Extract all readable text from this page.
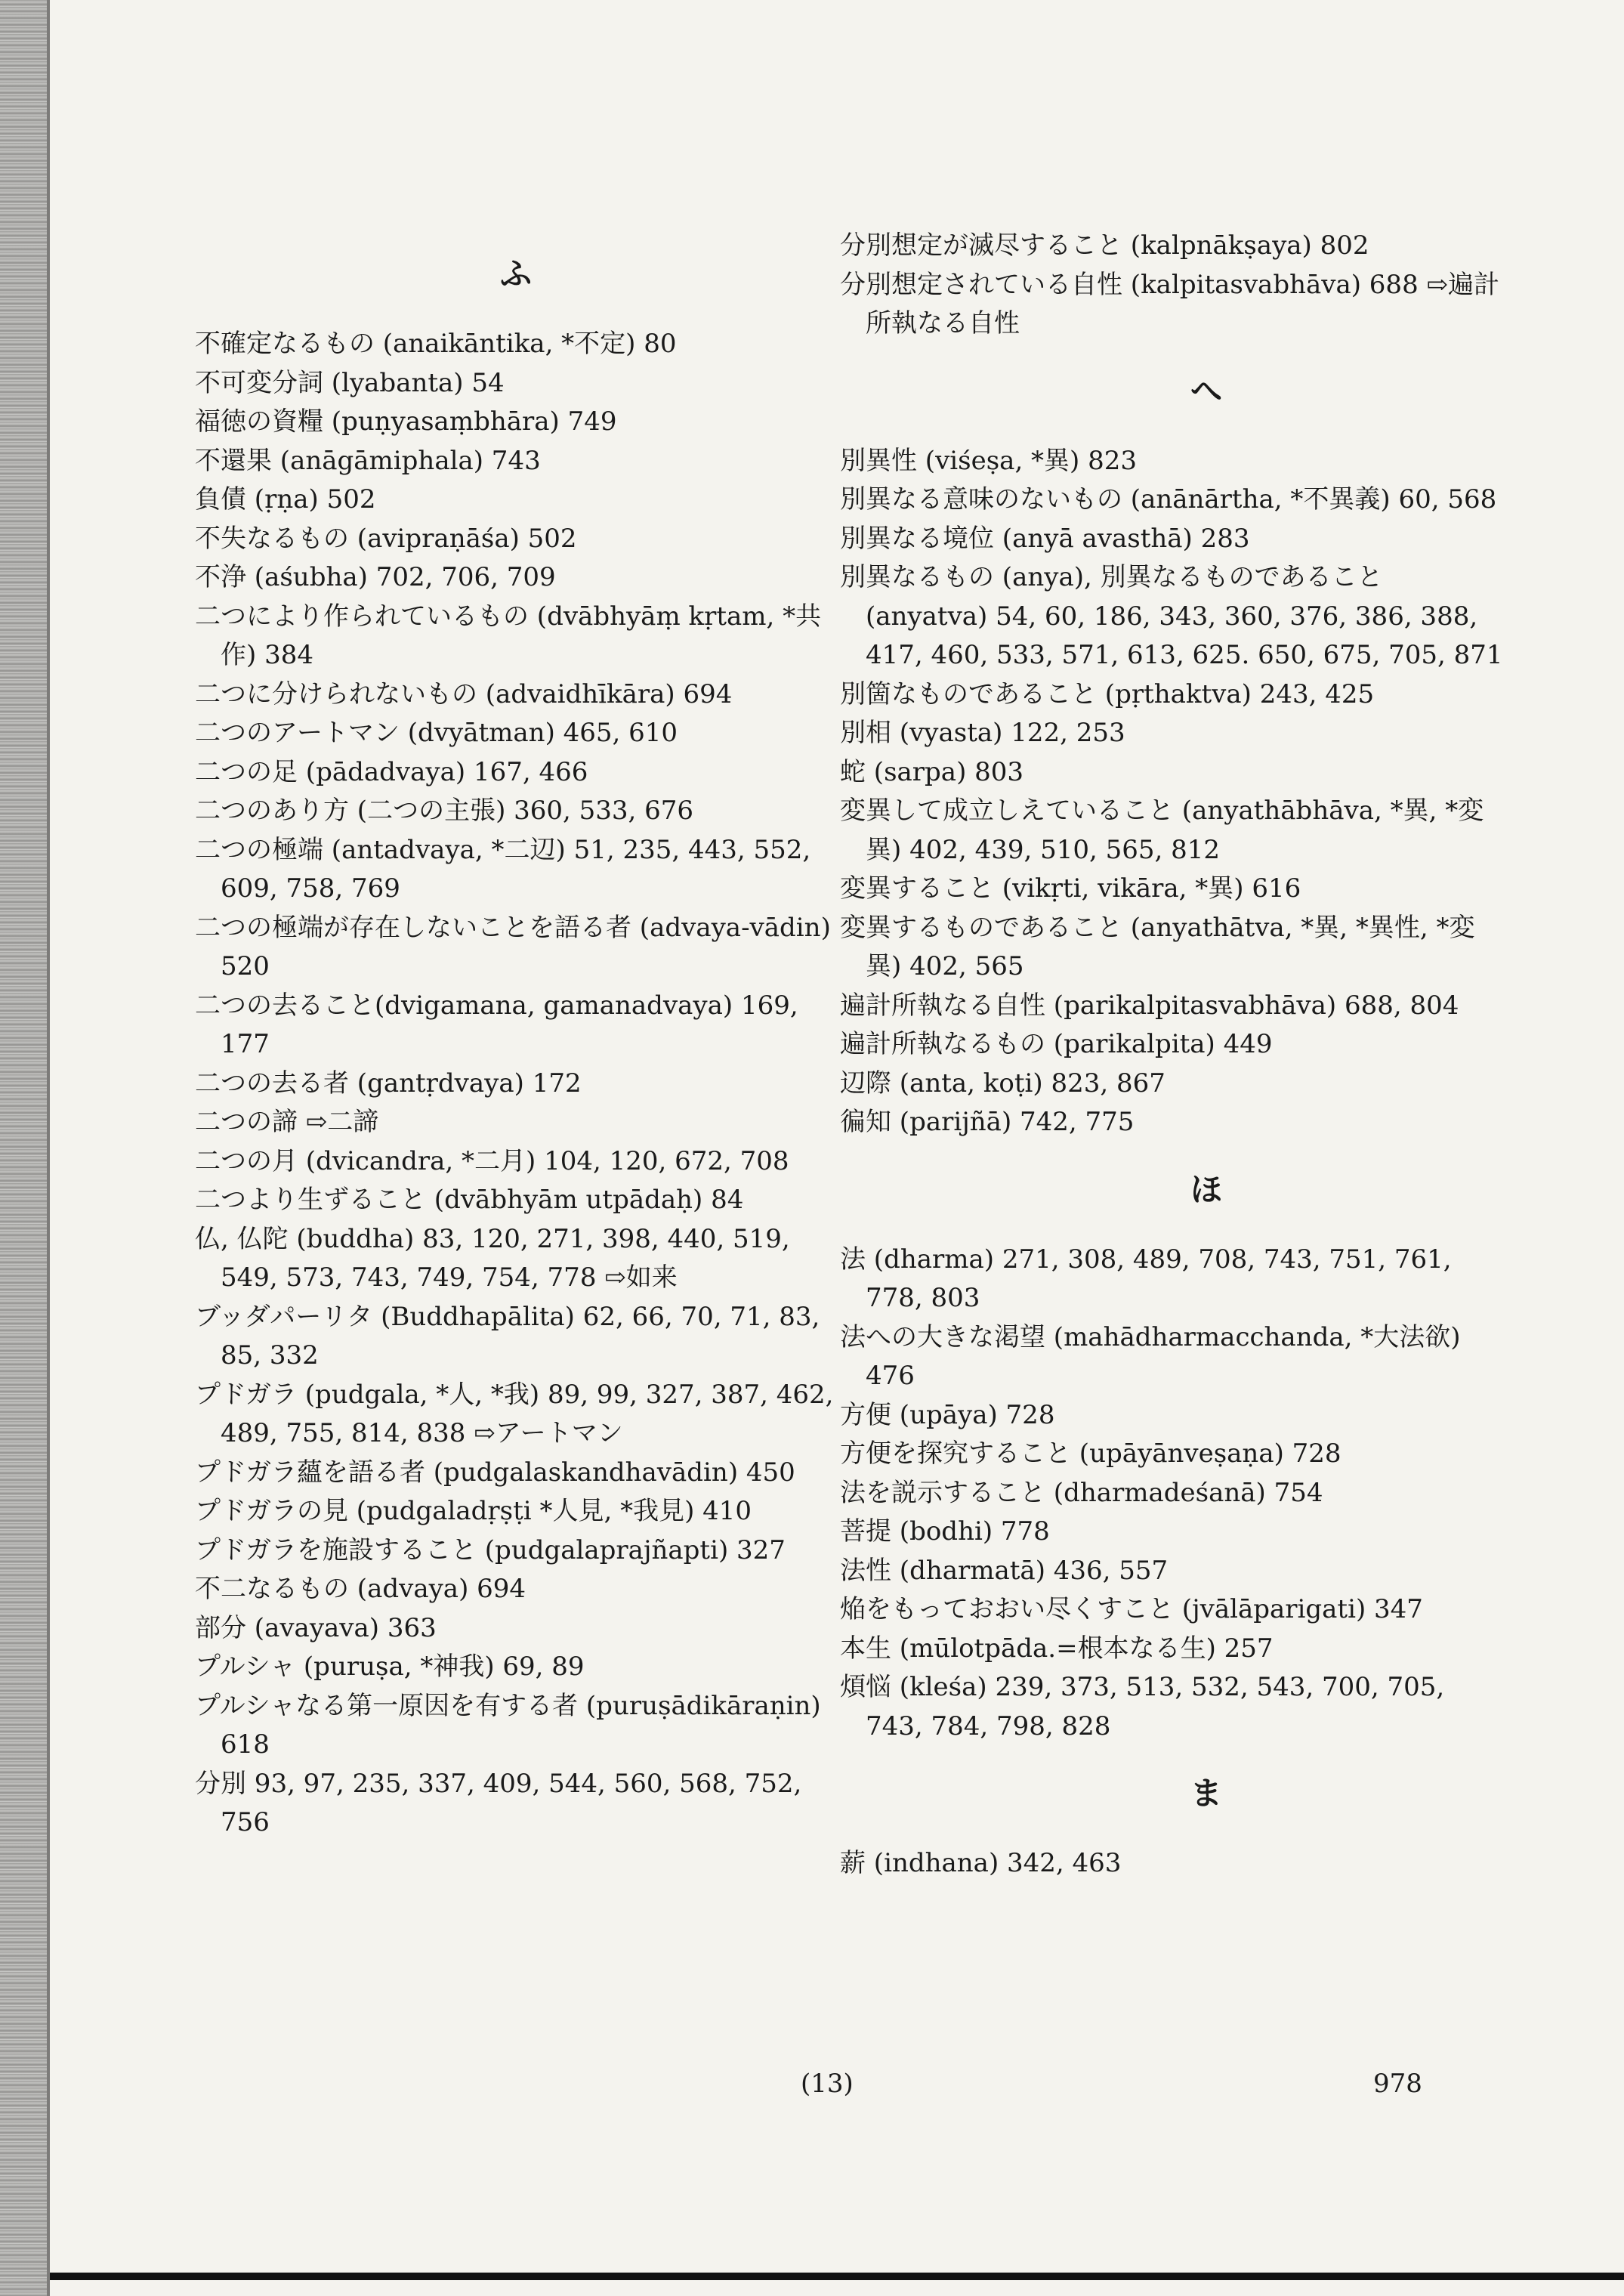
ふ
不確定なるもの (anaikāntika, *不定) 80
不可変分詞 (lyabanta) 54
福徳の資糧 (puṇyasaṃbhāra) 749
不還果 (anāgāmiphala) 743
負債 (ṛṇa) 502
不失なるもの (avipraṇāśa) 502
不浄 (aśubha) 702, 706, 709
二つにより作られているもの (dvābhyāṃ kṛtam, *共作) 384
二つに分けられないもの (advaidhīkāra) 694
二つのアートマン (dvyātman) 465, 610
二つの足 (pādadvaya) 167, 466
二つのあり方 (二つの主張) 360, 533, 676
二つの極端 (antadvaya, *二辺) 51, 235, 443, 552, 609, 758, 769
二つの極端が存在しないことを語る者 (advaya-vādin) 520
二つの去ること(dvigamana, gamanadvaya) 169, 177
二つの去る者 (gantṛdvaya) 172
二つの諦 ⇨二諦
二つの月 (dvicandra, *二月) 104, 120, 672, 708
二つより生ずること (dvābhyām utpādaḥ) 84
仏, 仏陀 (buddha) 83, 120, 271, 398, 440, 519, 549, 573, 743, 749, 754, 778 ⇨如来
ブッダパーリタ (Buddhapālita) 62, 66, 70, 71, 83, 85, 332
プドガラ (pudgala, *人, *我) 89, 99, 327, 387, 462, 489, 755, 814, 838 ⇨アートマン
プドガラ蘊を語る者 (pudgalaskandhavādin) 450
プドガラの見 (pudgaladṛṣṭi *人見, *我見) 410
プドガラを施設すること (pudgalaprajñapti) 327
不二なるもの (advaya) 694
部分 (avayava) 363
プルシャ (puruṣa, *神我) 69, 89
プルシャなる第一原因を有する者 (puruṣādikāraṇin) 618
分別 93, 97, 235, 337, 409, 544, 560, 568, 752, 756
分別想定が滅尽すること (kalpnākṣaya) 802
分別想定されている自性 (kalpitasvabhāva) 688 ⇨遍計所執なる自性
へ
別異性 (viśeṣa, *異) 823
別異なる意味のないもの (anānārtha, *不異義) 60, 568
別異なる境位 (anyā avasthā) 283
別異なるもの (anya), 別異なるものであること (anyatva) 54, 60, 186, 343, 360, 376, 386, 388, 417, 460, 533, 571, 613, 625. 650, 675, 705, 871
別箇なものであること (pṛthaktva) 243, 425
別相 (vyasta) 122, 253
蛇 (sarpa) 803
変異して成立しえていること (anyathābhāva, *異, *変異) 402, 439, 510, 565, 812
変異すること (vikṛti, vikāra, *異) 616
変異するものであること (anyathātva, *異, *異性, *変異) 402, 565
遍計所執なる自性 (parikalpitasvabhāva) 688, 804
遍計所執なるもの (parikalpita) 449
辺際 (anta, koṭi) 823, 867
徧知 (parijñā) 742, 775
ほ
法 (dharma) 271, 308, 489, 708, 743, 751, 761, 778, 803
法への大きな渇望 (mahādharmacchanda, *大法欲) 476
方便 (upāya) 728
方便を探究すること (upāyānveṣaṇa) 728
法を説示すること (dharmadeśanā) 754
菩提 (bodhi) 778
法性 (dharmatā) 436, 557
焔をもっておおい尽くすこと (jvālāparigati) 347
本生 (mūlotpāda.=根本なる生) 257
煩悩 (kleśa) 239, 373, 513, 532, 543, 700, 705, 743, 784, 798, 828
ま
薪 (indhana) 342, 463
(13)	978
